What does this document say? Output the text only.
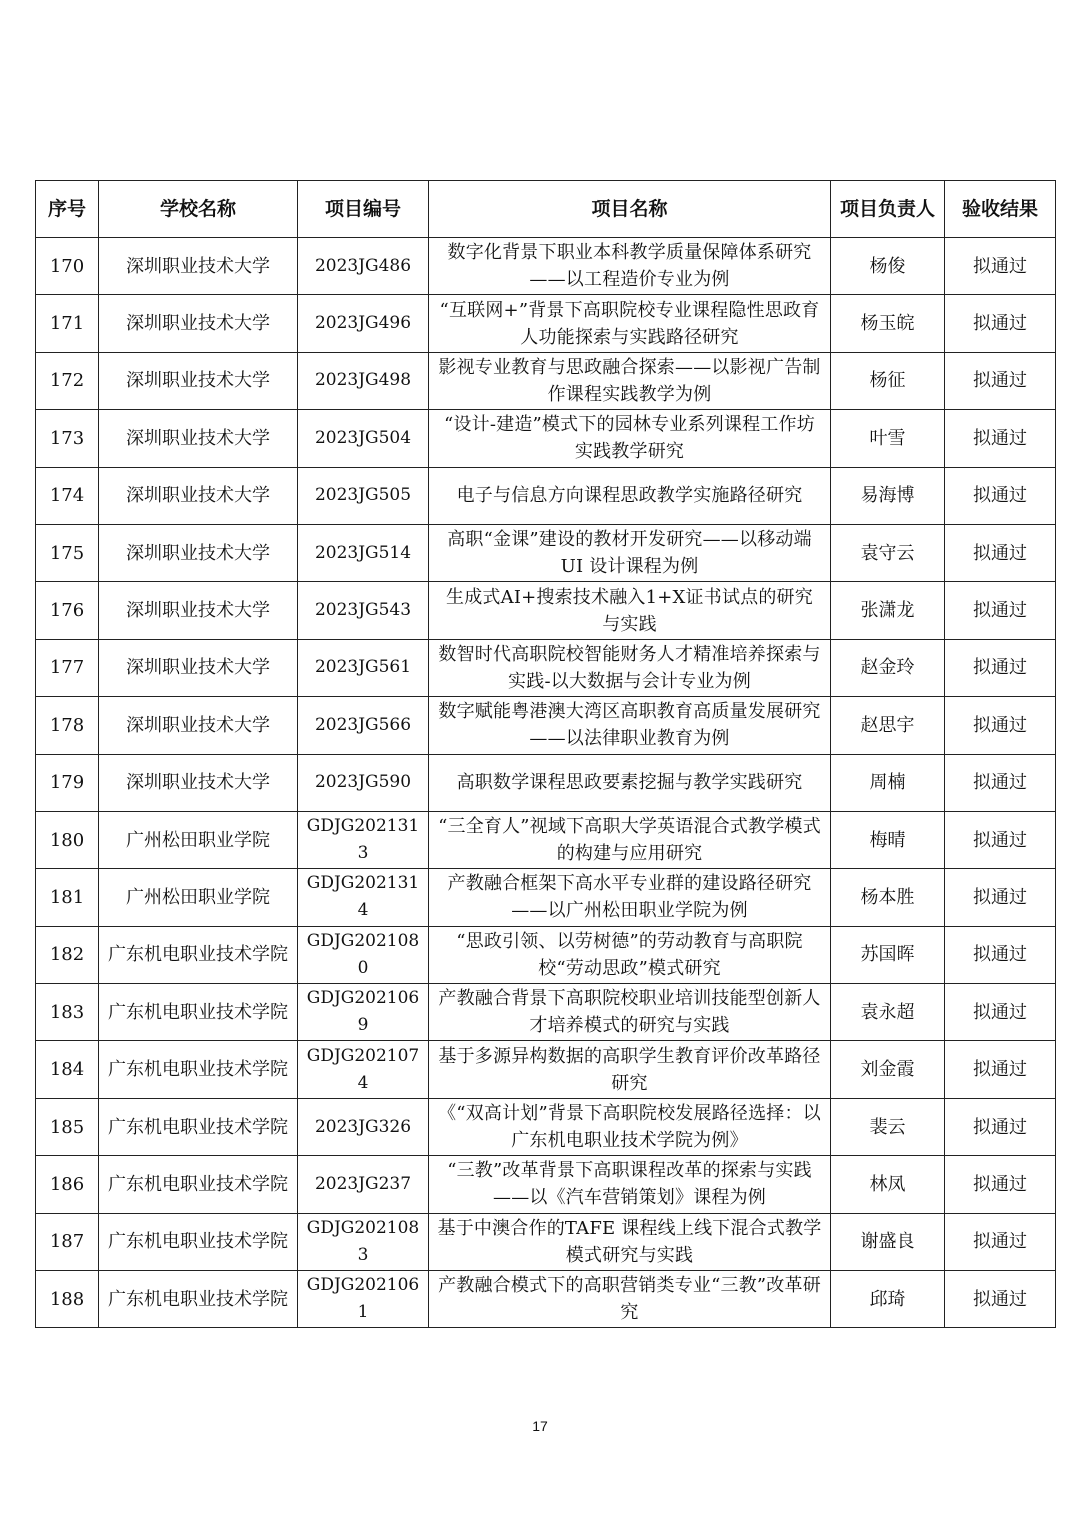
序号	学校名称	项目编号	项目名称	项目负责人	验收结果
170	深圳职业技术大学	2023JG486	数字化背景下职业本科教学质量保障体系研究——以工程造价专业为例	杨俊	拟通过
171	深圳职业技术大学	2023JG496	“互联网+”背景下高职院校专业课程隐性思政育人功能探索与实践路径研究	杨玉皖	拟通过
172	深圳职业技术大学	2023JG498	影视专业教育与思政融合探索——以影视广告制作课程实践教学为例	杨征	拟通过
173	深圳职业技术大学	2023JG504	“设计-建造”模式下的园林专业系列课程工作坊实践教学研究	叶雪	拟通过
174	深圳职业技术大学	2023JG505	电子与信息方向课程思政教学实施路径研究	易海博	拟通过
175	深圳职业技术大学	2023JG514	高职“金课”建设的教材开发研究——以移动端UI 设计课程为例	袁守云	拟通过
176	深圳职业技术大学	2023JG543	生成式AI+搜索技术融入1+X证书试点的研究与实践	张潇龙	拟通过
177	深圳职业技术大学	2023JG561	数智时代高职院校智能财务人才精准培养探索与实践-以大数据与会计专业为例	赵金玲	拟通过
178	深圳职业技术大学	2023JG566	数字赋能粤港澳大湾区高职教育高质量发展研究——以法律职业教育为例	赵思宇	拟通过
179	深圳职业技术大学	2023JG590	高职数学课程思政要素挖掘与教学实践研究	周楠	拟通过
180	广州松田职业学院	GDJG2021313	“三全育人”视域下高职大学英语混合式教学模式的构建与应用研究	梅晴	拟通过
181	广州松田职业学院	GDJG2021314	产教融合框架下高水平专业群的建设路径研究——以广州松田职业学院为例	杨本胜	拟通过
182	广东机电职业技术学院	GDJG2021080	“思政引领、以劳树德”的劳动教育与高职院校“劳动思政”模式研究	苏国晖	拟通过
183	广东机电职业技术学院	GDJG2021069	产教融合背景下高职院校职业培训技能型创新人才培养模式的研究与实践	袁永超	拟通过
184	广东机电职业技术学院	GDJG2021074	基于多源异构数据的高职学生教育评价改革路径研究	刘金霞	拟通过
185	广东机电职业技术学院	2023JG326	《“双高计划”背景下高职院校发展路径选择：以广东机电职业技术学院为例》	裴云	拟通过
186	广东机电职业技术学院	2023JG237	“三教”改革背景下高职课程改革的探索与实践——以《汽车营销策划》课程为例	林凤	拟通过
187	广东机电职业技术学院	GDJG2021083	基于中澳合作的TAFE 课程线上线下混合式教学模式研究与实践	谢盛良	拟通过
188	广东机电职业技术学院	GDJG2021061	产教融合模式下的高职营销类专业“三教”改革研究	邱琦	拟通过
17
